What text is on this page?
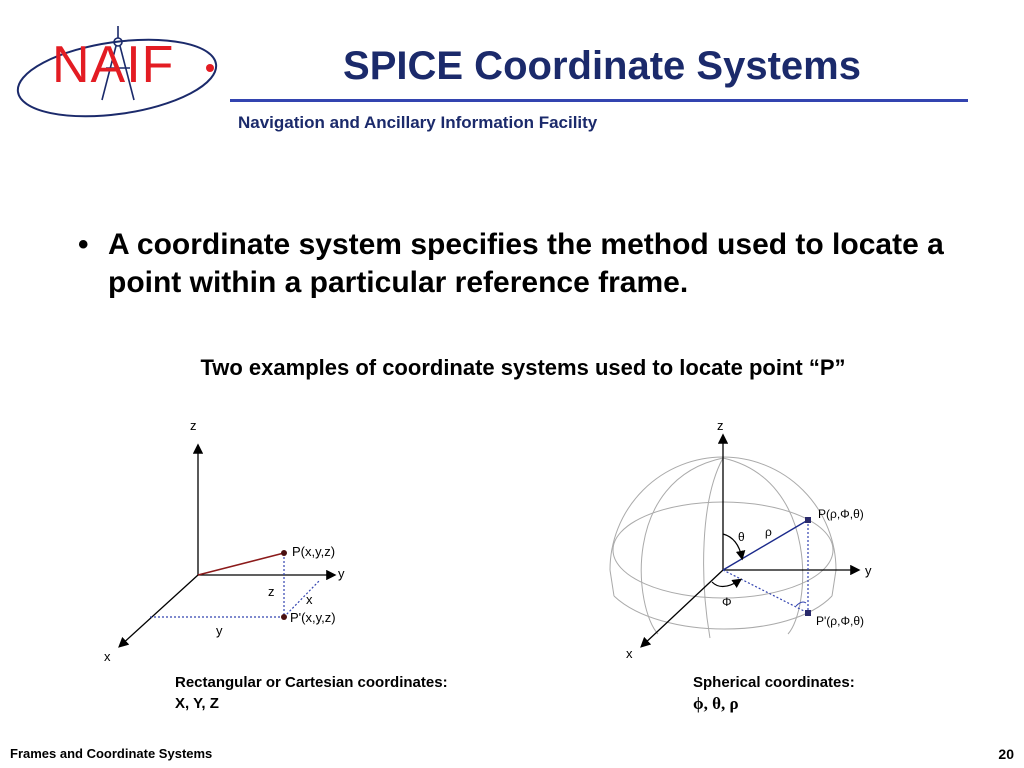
NAIF	SPICE Coordinate Systems
Navigation and Ancillary Information Facility
• A coordinate system specifies the method used to locate a point within a particular reference frame.
Two examples of coordinate systems used to locate point “P”
z
y
x
P(x,y,z)
P'(x,y,z)
z
x
y
z
y
x
P(ρ,Φ,θ)
P'(ρ,Φ,θ)
θ ρ
Φ
Rectangular or Cartesian coordinates:
X, Y, Z
Spherical coordinates:
ϕ, θ, ρ
Frames and Coordinate Systems	20
